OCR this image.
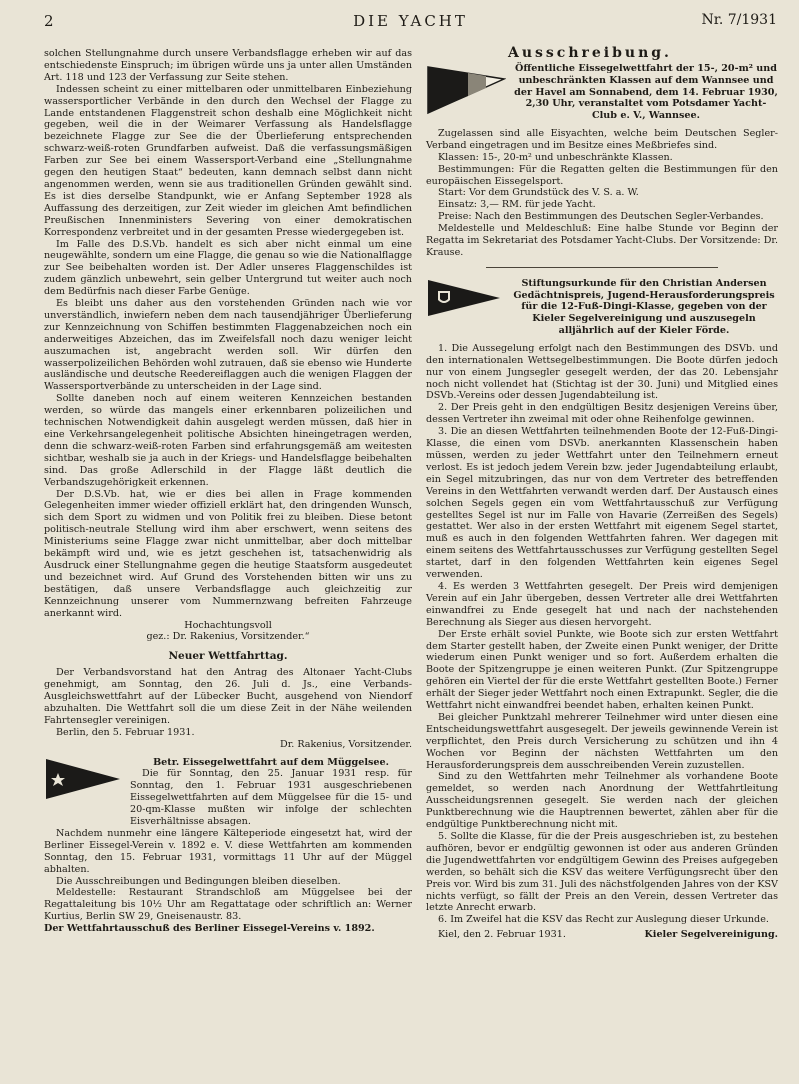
2	DIE YACHT	Nr. 7/1931

solchen Stellungnahme durch unsere Verbandsflagge erheben wir auf das entschiedenste Einspruch; im übrigen würde uns ja unter allen Umständen Art. 118 und 123 der Verfassung zur Seite stehen.

Indessen scheint zu einer mittelbaren oder unmittelbaren Einbeziehung wassersportlicher Verbände in den durch den Wechsel der Flagge zu Lande entstandenen Flaggenstreit schon deshalb eine Möglichkeit nicht gegeben, weil die in der Weimarer Verfassung als Handelsflagge bezeichnete Flagge zur See die der Überlieferung entsprechenden schwarz-weiß-roten Grundfarben aufweist. Daß die verfassungsmäßigen Farben zur See bei einem Wassersport-Verband eine „Stellungnahme gegen den heutigen Staat“ bedeuten, kann demnach selbst dann nicht angenommen werden, wenn sie aus traditionellen Gründen gewählt sind. Es ist dies derselbe Standpunkt, wie er Anfang September 1928 als Auffassung des derzeitigen, zur Zeit wieder im gleichen Amt befindlichen Preußischen Innenministers Severing von einer demokratischen Korrespondenz verbreitet und in der gesamten Presse wiedergegeben ist.

Im Falle des D.S.Vb. handelt es sich aber nicht einmal um eine neugewählte, sondern um eine Flagge, die genau so wie die Nationalflagge zur See beibehalten worden ist. Der Adler unseres Flaggenschildes ist zudem gänzlich unbewehrt, sein gelber Untergrund tut weiter auch noch dem Bedürfnis nach dieser Farbe Genüge.

Es bleibt uns daher aus den vorstehenden Gründen nach wie vor unverständlich, inwiefern neben dem nach tausendjähriger Überlieferung zur Kennzeichnung von Schiffen bestimmten Flaggenabzeichen noch ein anderweitiges Abzeichen, das im Zweifelsfall noch dazu weniger leicht auszumachen ist, angebracht werden soll. Wir dürfen den wasserpolizeilichen Behörden wohl zutrauen, daß sie ebenso wie Hunderte ausländische und deutsche Reedereiflaggen auch die wenigen Flaggen der Wassersportverbände zu unterscheiden in der Lage sind.

Sollte daneben noch auf einem weiteren Kennzeichen bestanden werden, so würde das mangels einer erkennbaren polizeilichen und technischen Notwendigkeit dahin ausgelegt werden müssen, daß hier in eine Verkehrsangelegenheit politische Absichten hineingetragen werden, denn die schwarz-weiß-roten Farben sind erfahrungsgemäß am weitesten sichtbar, weshalb sie ja auch in der Kriegs- und Handelsflagge beibehalten sind. Das große Adlerschild in der Flagge läßt deutlich die Verbandszugehörigkeit erkennen.

Der D.S.Vb. hat, wie er dies bei allen in Frage kommenden Gelegenheiten immer wieder offiziell erklärt hat, den dringenden Wunsch, sich dem Sport zu widmen und von Politik frei zu bleiben. Diese betont politisch-neutrale Stellung wird ihm aber erschwert, wenn seitens des Ministeriums seine Flagge zwar nicht unmittelbar, aber doch mittelbar bekämpft wird und, wie es jetzt geschehen ist, tatsachenwidrig als Ausdruck einer Stellungnahme gegen die heutige Staatsform ausgedeutet und bezeichnet wird. Auf Grund des Vorstehenden bitten wir uns zu bestätigen, daß unsere Verbandsflagge auch gleichzeitig zur Kennzeichnung unserer vom Nummernzwang befreiten Fahrzeuge anerkannt wird.

Hochachtungsvoll

gez.: Dr. Rakenius, Vorsitzender.“

Neuer Wettfahrttag.

Der Verbandsvorstand hat den Antrag des Altonaer Yacht-Clubs genehmigt, am Sonntag, den 26. Juli d. Js., eine Verbands-Ausgleichswettfahrt auf der Lübecker Bucht, ausgehend von Niendorf abzuhalten. Die Wettfahrt soll die um diese Zeit in der Nähe weilenden Fahrtensegler vereinigen.

Berlin, den 5. Februar 1931.

Dr. Rakenius, Vorsitzender.

Betr. Eissegelwettfahrt auf dem Müggelsee.

Die für Sonntag, den 25. Januar 1931 resp. für Sonntag, den 1. Februar 1931 ausgeschriebenen Eissegelwettfahrten auf dem Müggelsee für die 15- und 20-qm-Klasse mußten wir infolge der schlechten Eisverhältnisse absagen.

Nachdem nunmehr eine längere Kälteperiode eingesetzt hat, wird der Berliner Eissegel-Verein v. 1892 e. V. diese Wettfahrten am kommenden Sonntag, den 15. Februar 1931, vormittags 11 Uhr auf der Müggel abhalten.

Die Ausschreibungen und Bedingungen bleiben dieselben.

Meldestelle: Restaurant Strandschloß am Müggelsee bei der Regattaleitung bis 10½ Uhr am Regattatage oder schriftlich an: Werner Kurtius, Berlin SW 29, Gneisenaustr. 83.

Der Wettfahrtausschuß des Berliner Eissegel-Vereins v. 1892.

Ausschreibung.
Öffentliche Eissegelwettfahrt der 15-, 20-m² und unbeschränkten Klassen auf dem Wannsee und der Havel am Sonnabend, dem 14. Februar 1930, 2,30 Uhr, veranstaltet vom Potsdamer Yacht-Club e. V., Wannsee.

Zugelassen sind alle Eisyachten, welche beim Deutschen Segler-Verband eingetragen und im Besitze eines Meßbriefes sind.

Klassen: 15-, 20-m² und unbeschränkte Klassen.

Bestimmungen: Für die Regatten gelten die Bestimmungen für den europäischen Eissegelsport.

Start: Vor dem Grundstück des V. S. a. W.

Einsatz: 3,— RM. für jede Yacht.

Preise: Nach den Bestimmungen des Deutschen Segler-Verbandes.

Meldestelle und Meldeschluß: Eine halbe Stunde vor Beginn der Regatta im Sekretariat des Potsdamer Yacht-Clubs. Der Vorsitzende: Dr. Krause.

Stiftungsurkunde für den Christian Andersen Gedächtnispreis, Jugend-Herausforderungspreis für die 12-Fuß-Dingi-Klasse, gegeben von der Kieler Segelvereinigung und auszusegeln alljährlich auf der Kieler Förde.

1. Die Aussegelung erfolgt nach den Bestimmungen des DSVb. und den internationalen Wettsegelbestimmungen. Die Boote dürfen jedoch nur von einem Jungsegler gesegelt werden, der das 20. Lebensjahr noch nicht vollendet hat (Stichtag ist der 30. Juni) und Mitglied eines DSVb.-Vereins oder dessen Jugendabteilung ist.

2. Der Preis geht in den endgültigen Besitz desjenigen Vereins über, dessen Vertreter ihn zweimal mit oder ohne Reihenfolge gewinnen.

3. Die an diesen Wettfahrten teilnehmenden Boote der 12-Fuß-Dingi-Klasse, die einen vom DSVb. anerkannten Klassenschein haben müssen, werden zu jeder Wettfahrt unter den Teilnehmern erneut verlost. Es ist jedoch jedem Verein bzw. jeder Jugendabteilung erlaubt, ein Segel mitzubringen, das nur von dem Vertreter des betreffenden Vereins in den Wettfahrten verwandt werden darf. Der Austausch eines solchen Segels gegen ein vom Wettfahrtausschuß zur Verfügung gestelltes Segel ist nur im Falle von Havarie (Zerreißen des Segels) gestattet. Wer also in der ersten Wettfahrt mit eigenem Segel startet, muß es auch in den folgenden Wettfahrten fahren. Wer dagegen mit einem seitens des Wettfahrtausschusses zur Verfügung gestellten Segel startet, darf in den folgenden Wettfahrten kein eigenes Segel verwenden.

4. Es werden 3 Wettfahrten gesegelt. Der Preis wird demjenigen Verein auf ein Jahr übergeben, dessen Vertreter alle drei Wettfahrten einwandfrei zu Ende gesegelt hat und nach der nachstehenden Berechnung als Sieger aus diesen hervorgeht.

Der Erste erhält soviel Punkte, wie Boote sich zur ersten Wettfahrt dem Starter gestellt haben, der Zweite einen Punkt weniger, der Dritte wiederum einen Punkt weniger und so fort. Außerdem erhalten die Boote der Spitzengruppe je einen weiteren Punkt. (Zur Spitzengruppe gehören ein Viertel der für die erste Wettfahrt gestellten Boote.) Ferner erhält der Sieger jeder Wettfahrt noch einen Extrapunkt. Segler, die die Wettfahrt nicht einwandfrei beendet haben, erhalten keinen Punkt.

Bei gleicher Punktzahl mehrerer Teilnehmer wird unter diesen eine Entscheidungswettfahrt ausgesegelt. Der jeweils gewinnende Verein ist verpflichtet, den Preis durch Versicherung zu schützen und ihn 4 Wochen vor Beginn der nächsten Wettfahrten um den Herausforderungspreis dem ausschreibenden Verein zuzustellen.

Sind zu den Wettfahrten mehr Teilnehmer als vorhandene Boote gemeldet, so werden nach Anordnung der Wettfahrtleitung Ausscheidungsrennen gesegelt. Sie werden nach der gleichen Punktberechnung wie die Hauptrennen bewertet, zählen aber für die endgültige Punktberechnung nicht mit.

5. Sollte die Klasse, für die der Preis ausgeschrieben ist, zu bestehen aufhören, bevor er endgültig gewonnen ist oder aus anderen Gründen die Jugendwettfahrten vor endgültigem Gewinn des Preises aufgegeben werden, so behält sich die KSV das weitere Verfügungsrecht über den Preis vor. Wird bis zum 31. Juli des nächstfolgenden Jahres von der KSV nichts verfügt, so fällt der Preis an den Verein, dessen Vertreter das letzte Anrecht erwarb.

6. Im Zweifel hat die KSV das Recht zur Auslegung dieser Urkunde.

Kiel, den 2. Februar 1931.	Kieler Segelvereinigung.
